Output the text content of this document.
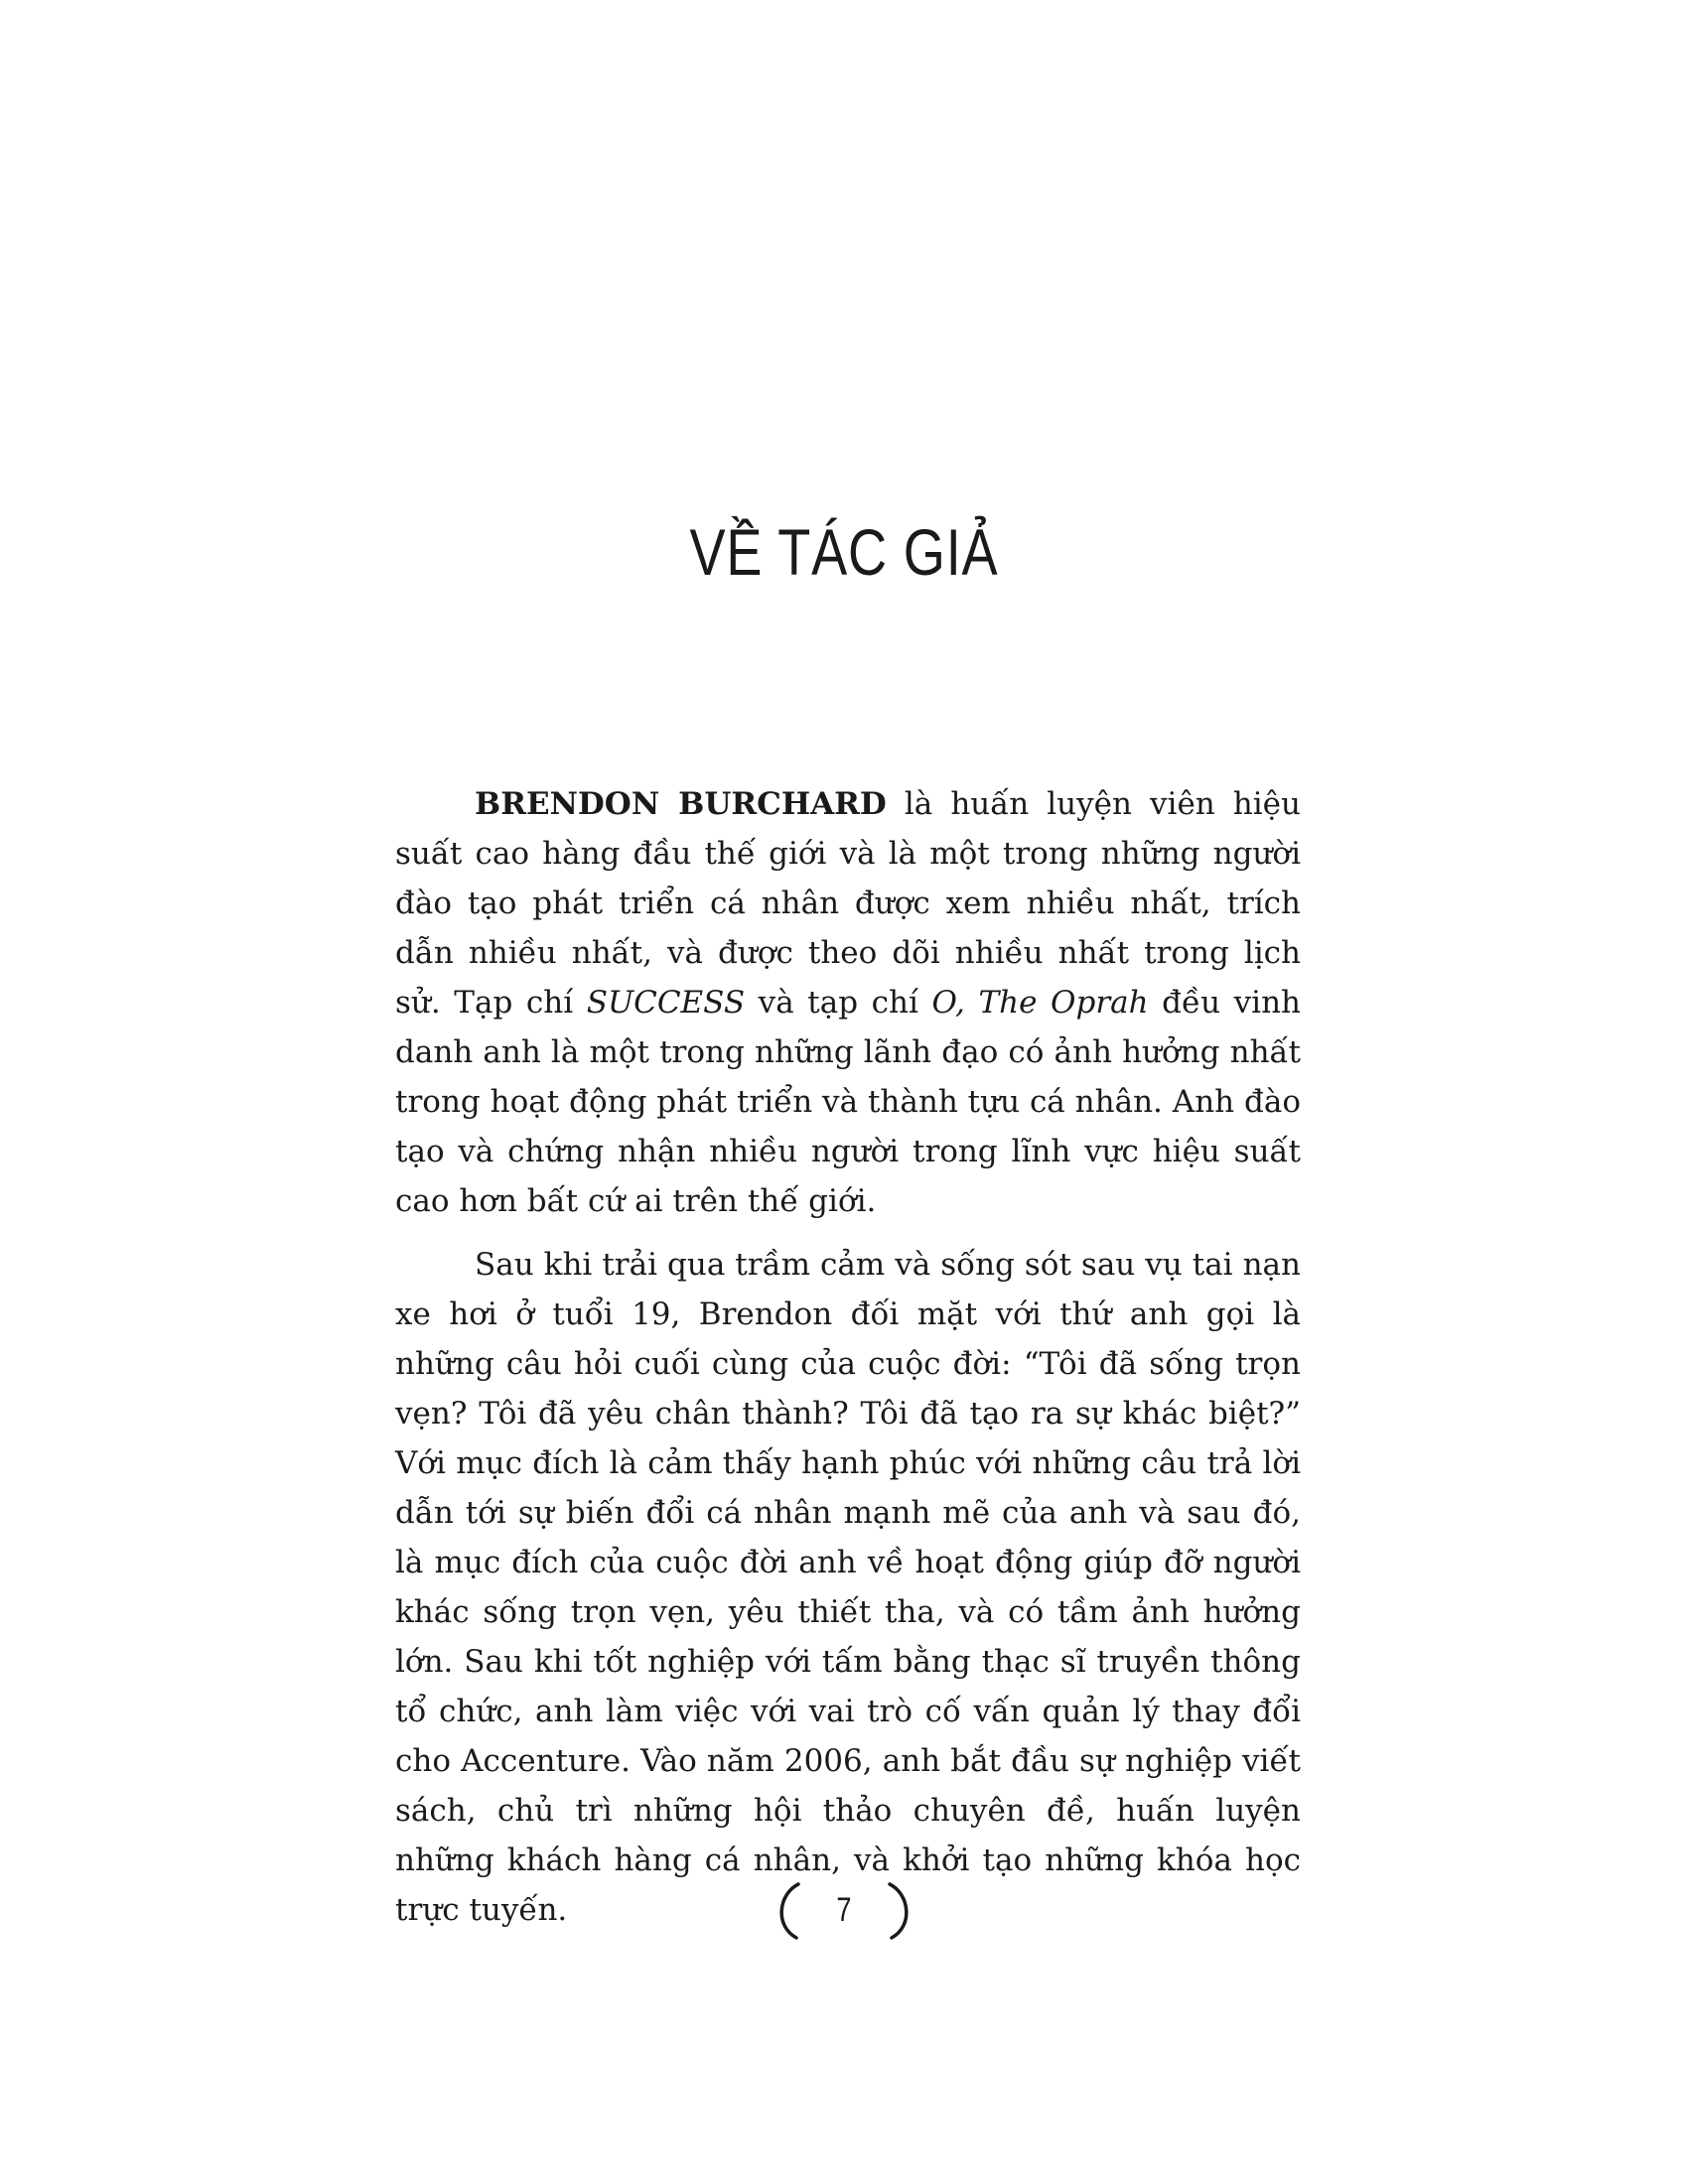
VỀ TÁC GIẢ

BRENDON BURCHARD là huấn luyện viên hiệu suất cao hàng đầu thế giới và là một trong những người đào tạo phát triển cá nhân được xem nhiều nhất, trích dẫn nhiều nhất, và được theo dõi nhiều nhất trong lịch sử. Tạp chí SUCCESS và tạp chí O, The Oprah đều vinh danh anh là một trong những lãnh đạo có ảnh hưởng nhất trong hoạt động phát triển và thành tựu cá nhân. Anh đào tạo và chứng nhận nhiều người trong lĩnh vực hiệu suất cao hơn bất cứ ai trên thế giới.

Sau khi trải qua trầm cảm và sống sót sau vụ tai nạn xe hơi ở tuổi 19, Brendon đối mặt với thứ anh gọi là những câu hỏi cuối cùng của cuộc đời: “Tôi đã sống trọn vẹn? Tôi đã yêu chân thành? Tôi đã tạo ra sự khác biệt?” Với mục đích là cảm thấy hạnh phúc với những câu trả lời dẫn tới sự biến đổi cá nhân mạnh mẽ của anh và sau đó, là mục đích của cuộc đời anh về hoạt động giúp đỡ người khác sống trọn vẹn, yêu thiết tha, và có tầm ảnh hưởng lớn. Sau khi tốt nghiệp với tấm bằng thạc sĩ truyền thông tổ chức, anh làm việc với vai trò cố vấn quản lý thay đổi cho Accenture. Vào năm 2006, anh bắt đầu sự nghiệp viết sách, chủ trì những hội thảo chuyên đề, huấn luyện những khách hàng cá nhân, và khởi tạo những khóa học trực tuyến.	7
